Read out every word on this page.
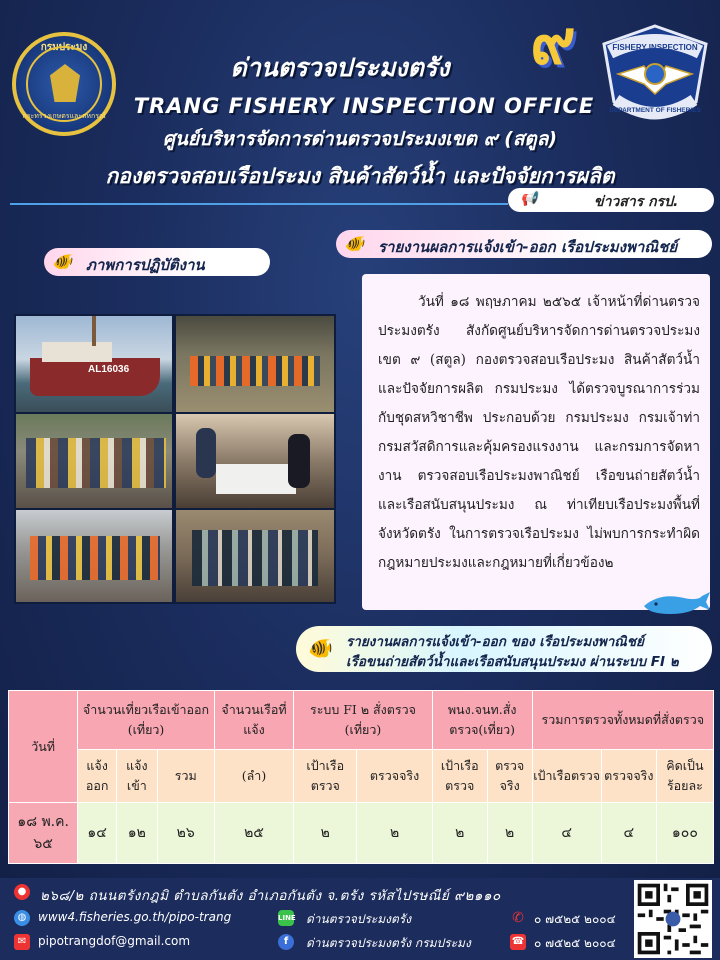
กรมประมง
กระทรวงเกษตรและสหกรณ์
ด่านตรวจประมงตรัง	๙	FISHERY INSPECTION
DEPARTMENT OF FISHERIES
TRANG FISHERY INSPECTION OFFICE
ศูนย์บริหารจัดการด่านตรวจประมงเขต ๙ (สตูล)
กองตรวจสอบเรือประมง สินค้าสัตว์น้ำ และปัจจัยการผลิต
📢	ข่าวสาร กรป.
🐠 รายงานผลการแจ้งเข้า-ออก เรือประมงพาณิชย์
🐠 ภาพการปฏิบัติงาน
AL16036
วันที่ ๑๘ พฤษภาคม ๒๕๖๕ เจ้าหน้าที่ด่านตรวจประมงตรัง สังกัดศูนย์บริหารจัดการด่านตรวจประมง เขต ๙ (สตูล) กองตรวจสอบเรือประมง สินค้าสัตว์น้ำ และปัจจัยการผลิต กรมประมง ได้ตรวจบูรณาการร่วมกับชุดสหวิชาชีพ ประกอบด้วย กรมประมง กรมเจ้าท่า กรมสวัสดิการและคุ้มครองแรงงาน และกรมการจัดหางาน ตรวจสอบเรือประมงพาณิชย์ เรือขนถ่ายสัตว์น้ำและเรือสนับสนุนประมง ณ ท่าเทียบเรือประมงพื้นที่จังหวัดตรัง ในการตรวจเรือประมง ไม่พบการกระทำผิดกฎหมายประมงและกฎหมายที่เกี่ยวข้อง๒
🐠 รายงานผลการแจ้งเข้า-ออก ของ เรือประมงพาณิชย์
เรือขนถ่ายสัตว์น้ำและเรือสนับสนุนประมง ผ่านระบบ FI ๒
วันที่	จำนวนเที่ยวเรือเข้าออก (เที่ยว)			จำนวนเรือที่แจ้ง	ระบบ FI ๒ สั่งตรวจ (เที่ยว)		พนง.จนท.สั่งตรวจ(เที่ยว)		รวมการตรวจทั้งหมดที่สั่งตรวจ		
	แจ้งออก	แจ้งเข้า	รวม	(ลำ)	เป้าเรือตรวจ	ตรวจจริง	เป้าเรือตรวจ	ตรวจจริง	เป้าเรือตรวจ	ตรวจจริง	คิดเป็นร้อยละ
๑๘ พ.ค. ๖๕	๑๔	๑๒	๒๖	๒๕	๒	๒	๒	๒	๔	๔	๑๐๐
● ๒๖๘/๒ ถนนตรังกฎมิ ตำบลกันตัง อำเภอกันตัง จ.ตรัง รหัสไปรษณีย์ ๙๒๑๑๐
◍ www4.fisheries.go.th/pipo-trang
✉ pipotrangdof@gmail.com
LINE ด่านตรวจประมงตรัง
f	ด่านตรวจประมงตรัง กรมประมง
✆ ๐ ๗๕๒๕ ๒๐๐๔
☎ ๐ ๗๕๒๕ ๒๐๐๔
